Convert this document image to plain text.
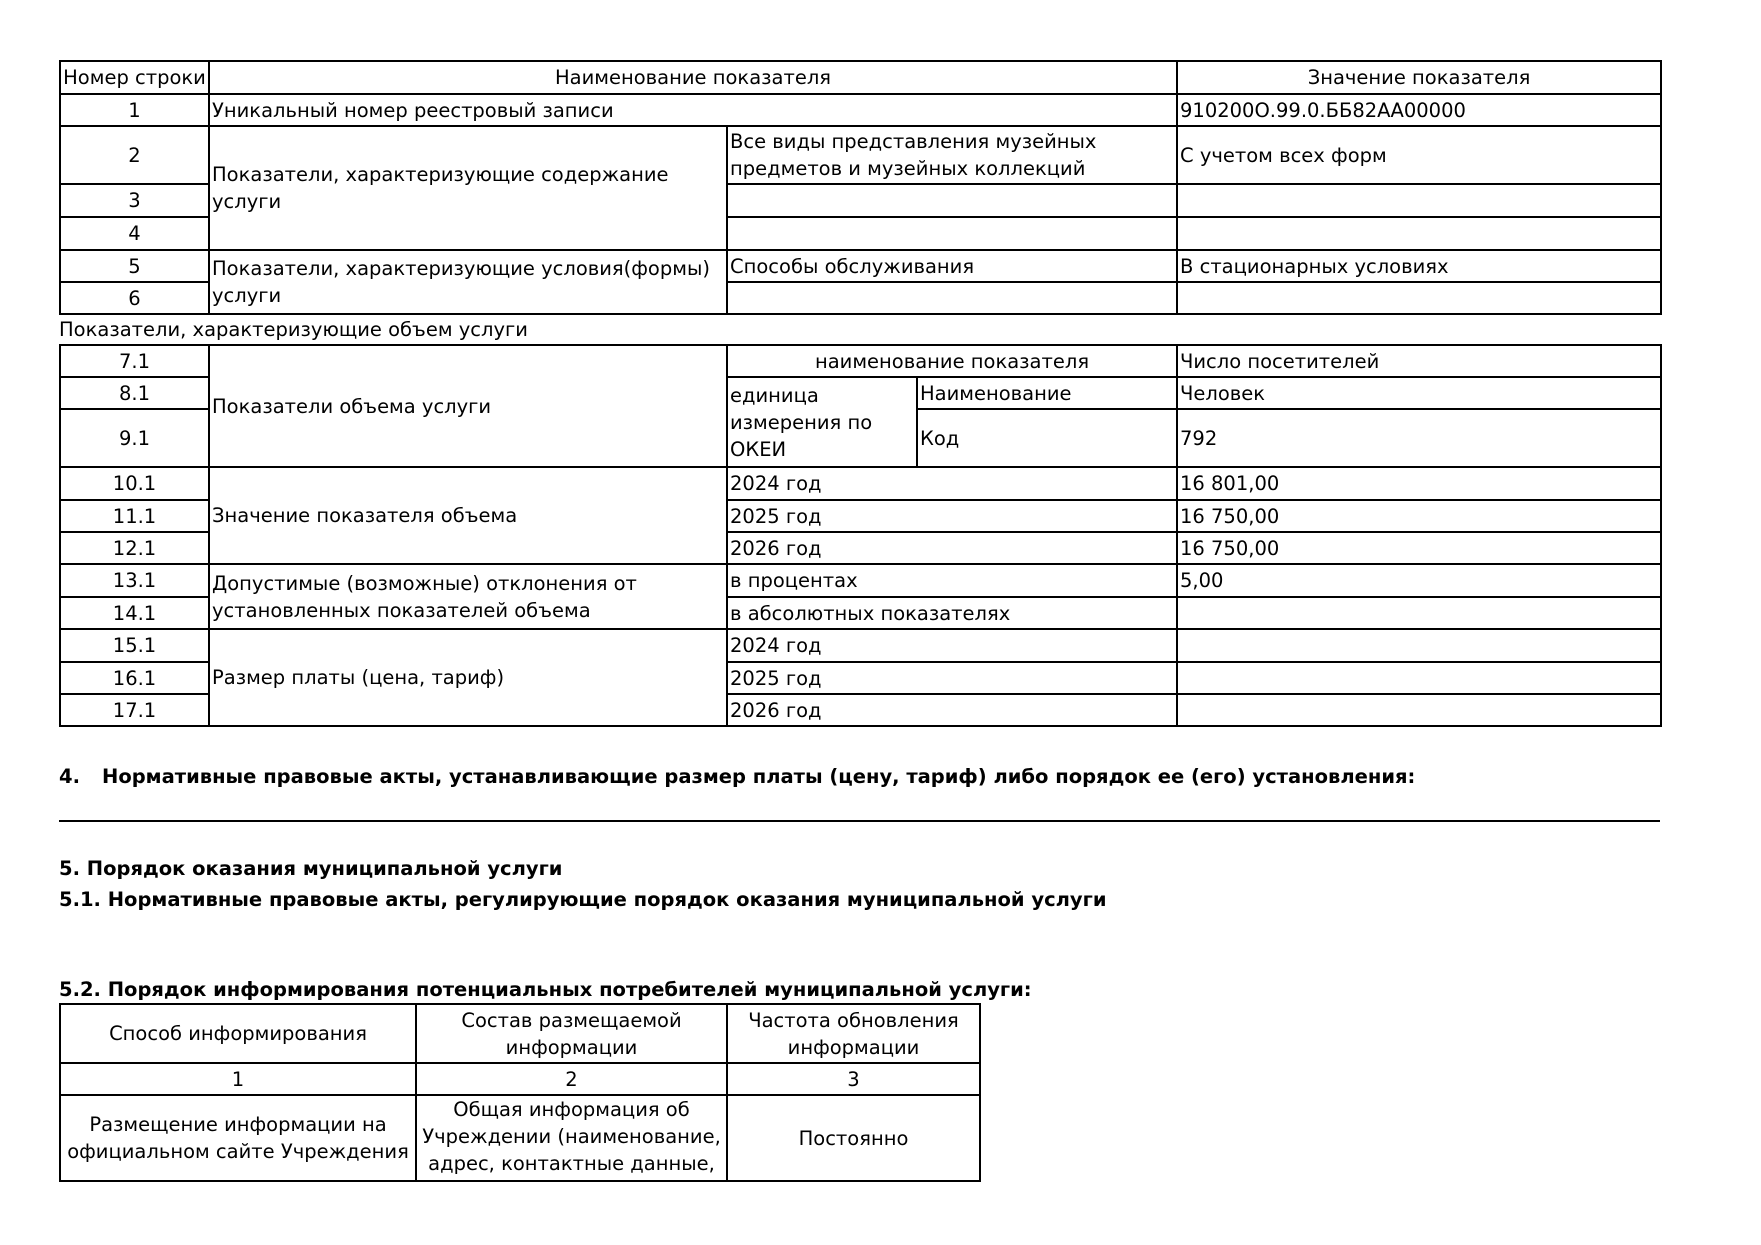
Номер строки	Наименование показателя		Значение показателя
1	Уникальный номер реестровый записи		910200О.99.0.ББ82АА00000
2	Показатели, характеризующие содержание услуги	Все виды представления музейных предметов и музейных коллекций	С учетом всех форм
3			
4			
5	Показатели, характеризующие условия(формы) услуги	Способы обслуживания	В стационарных условиях
6			
Показатели, характеризующие объем услуги
7.1	Показатели объема услуги	наименование показателя		Число посетителей
8.1		единица измерения по ОКЕИ	Наименование	Человек
9.1			Код	792
10.1	Значение показателя объема	2024 год		16 801,00
11.1		2025 год		16 750,00
12.1		2026 год		16 750,00
13.1	Допустимые (возможные) отклонения от установленных показателей объема	в процентах		5,00
14.1		в абсолютных показателях		
15.1	Размер платы (цена, тариф)	2024 год		
16.1		2025 год		
17.1		2026 год		
4. Нормативные правовые акты, устанавливающие размер платы (цену, тариф) либо порядок ее (его) установления:
5. Порядок оказания муниципальной услуги
5.1. Нормативные правовые акты, регулирующие порядок оказания муниципальной услуги
5.2. Порядок информирования потенциальных потребителей муниципальной услуги:
Способ информирования	Состав размещаемой информации	Частота обновления информации
1	2	3
Размещение информации на официальном сайте Учреждения	Общая информация об Учреждении (наименование, адрес, контактные данные,	Постоянно
